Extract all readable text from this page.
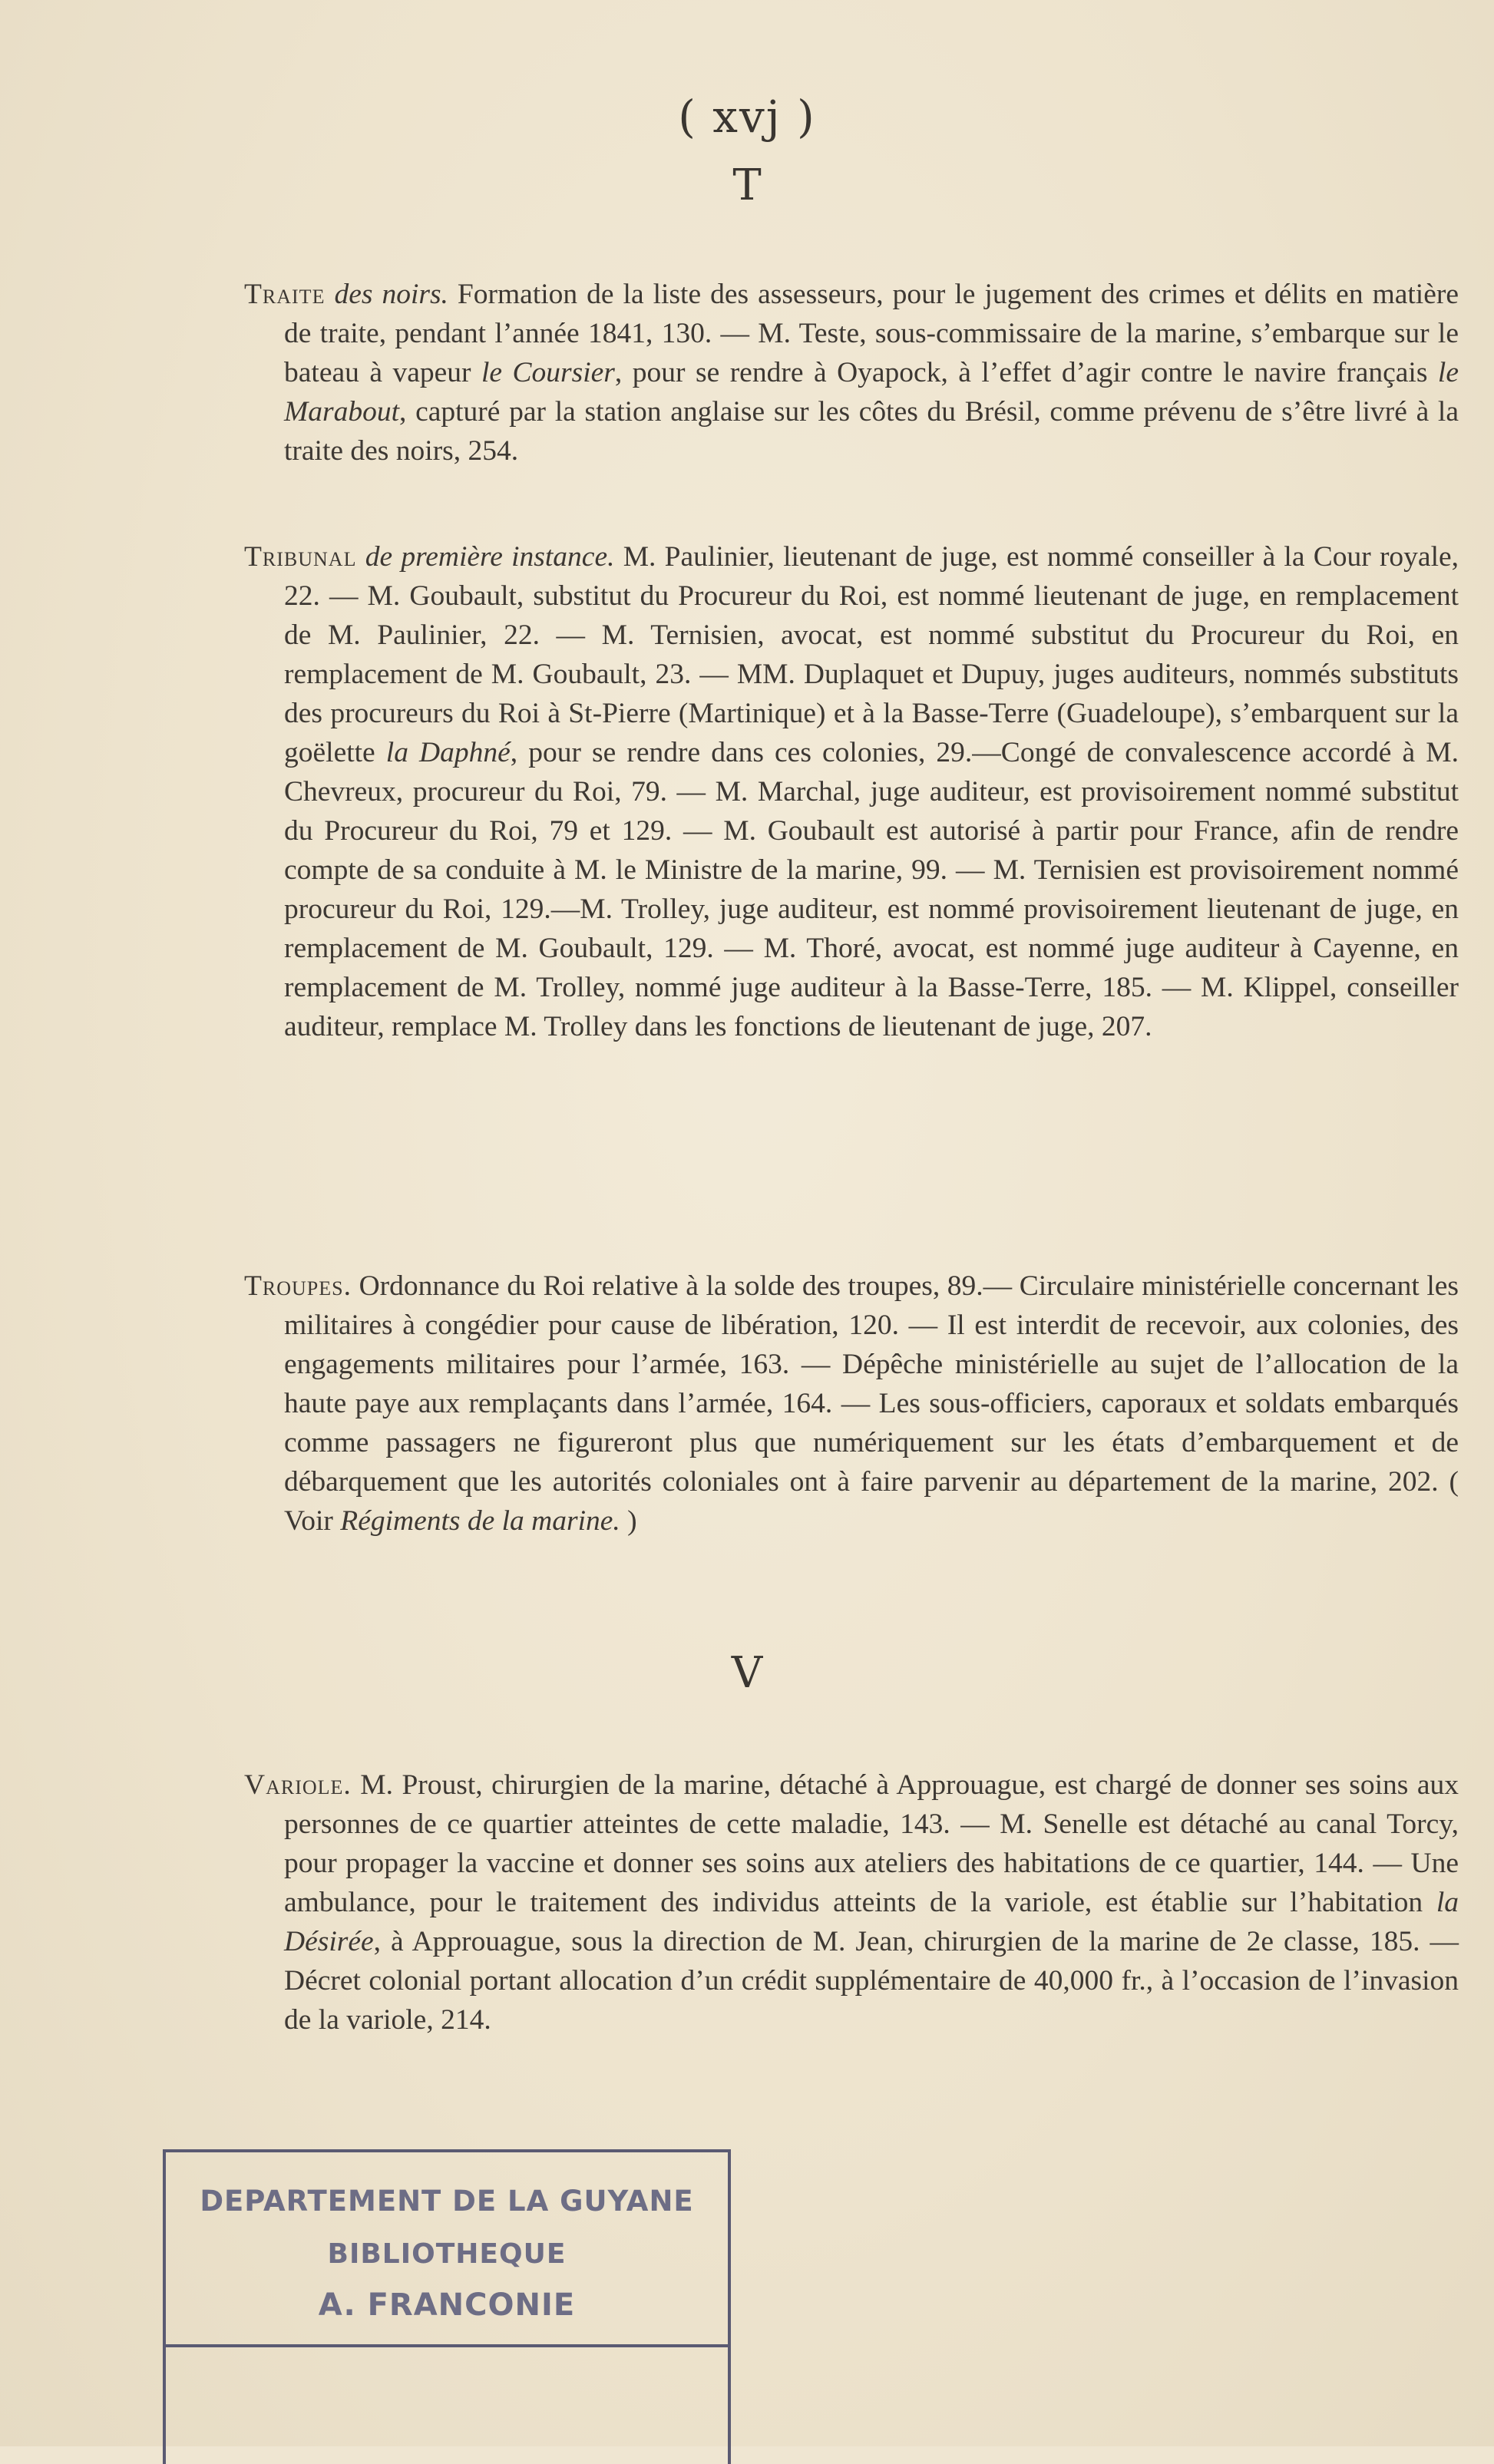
( xvj )
T

Traite des noirs. Formation de la liste des assesseurs, pour le jugement des crimes et délits en matière de traite, pendant l’année 1841, 130. — M. Teste, sous-commissaire de la marine, s’embarque sur le bateau à vapeur le Coursier, pour se rendre à Oyapock, à l’effet d’agir contre le navire français le Marabout, capturé par la station anglaise sur les côtes du Brésil, comme prévenu de s’être livré à la traite des noirs, 254.

Tribunal de première instance. M. Paulinier, lieutenant de juge, est nommé conseiller à la Cour royale, 22. — M. Goubault, substitut du Procureur du Roi, est nommé lieutenant de juge, en remplacement de M. Paulinier, 22. — M. Ternisien, avocat, est nommé substitut du Procureur du Roi, en remplacement de M. Goubault, 23. — MM. Duplaquet et Dupuy, juges auditeurs, nommés substituts des procureurs du Roi à St-Pierre (Martinique) et à la Basse-Terre (Guadeloupe), s’embarquent sur la goëlette la Daphné, pour se rendre dans ces colonies, 29.—Congé de convalescence accordé à M. Chevreux, procureur du Roi, 79. — M. Marchal, juge auditeur, est provisoirement nommé substitut du Procureur du Roi, 79 et 129. — M. Goubault est autorisé à partir pour France, afin de rendre compte de sa conduite à M. le Ministre de la marine, 99. — M. Ternisien est provisoirement nommé procureur du Roi, 129.—M. Trolley, juge auditeur, est nommé provisoirement lieutenant de juge, en remplacement de M. Goubault, 129. — M. Thoré, avocat, est nommé juge auditeur à Cayenne, en remplacement de M. Trolley, nommé juge auditeur à la Basse-Terre, 185. — M. Klippel, conseiller auditeur, remplace M. Trolley dans les fonctions de lieutenant de juge, 207.

Troupes. Ordonnance du Roi relative à la solde des troupes, 89.— Circulaire ministérielle concernant les militaires à congédier pour cause de libération, 120. — Il est interdit de recevoir, aux colonies, des engagements militaires pour l’armée, 163. — Dépêche ministérielle au sujet de l’allocation de la haute paye aux remplaçants dans l’armée, 164. — Les sous-officiers, caporaux et soldats embarqués comme passagers ne figureront plus que numériquement sur les états d’embarquement et de débarquement que les autorités coloniales ont à faire parvenir au département de la marine, 202. ( Voir Régiments de la marine. )

V

Variole. M. Proust, chirurgien de la marine, détaché à Approuague, est chargé de donner ses soins aux personnes de ce quartier atteintes de cette maladie, 143. — M. Senelle est détaché au canal Torcy, pour propager la vaccine et donner ses soins aux ateliers des habitations de ce quartier, 144. — Une ambulance, pour le traitement des individus atteints de la variole, est établie sur l’habitation la Désirée, à Approuague, sous la direction de M. Jean, chirurgien de la marine de 2e classe, 185. — Décret colonial portant allocation d’un crédit supplémentaire de 40,000 fr., à l’occasion de l’invasion de la variole, 214.

DEPARTEMENT DE LA GUYANE
BIBLIOTHEQUE
A. FRANCONIE
